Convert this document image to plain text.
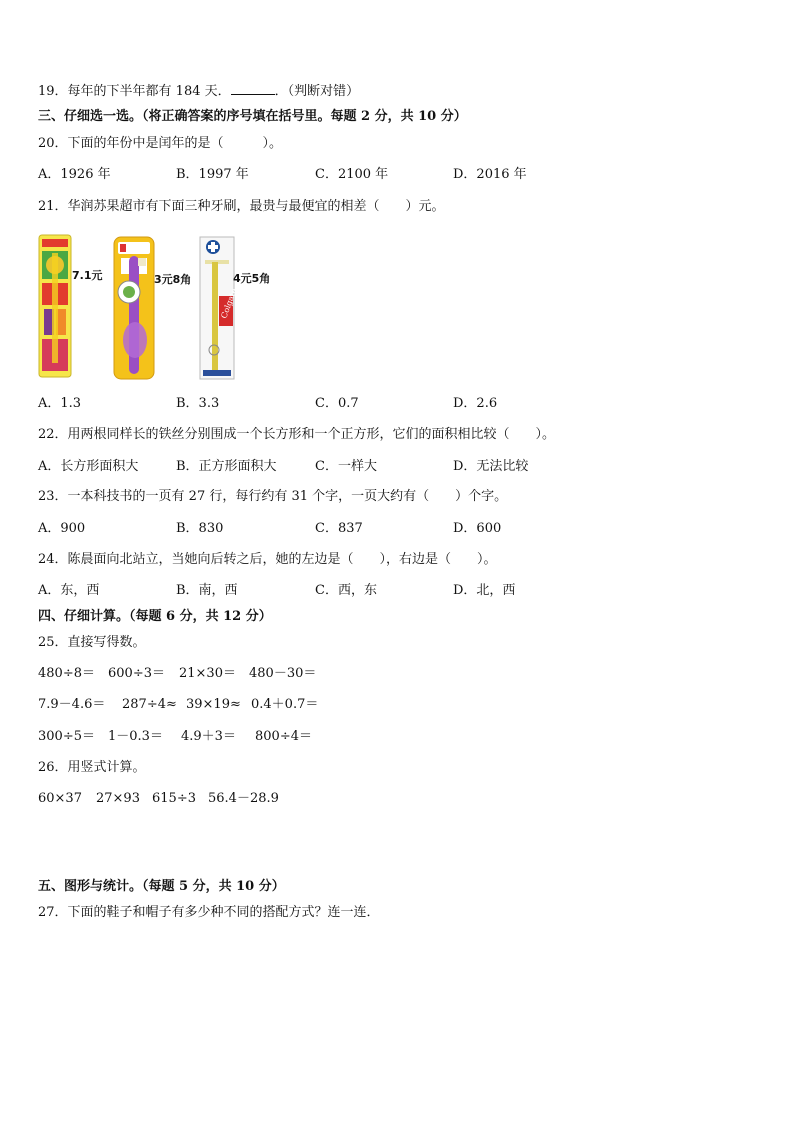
19．每年的下半年都有 184 天．	．（判断对错）
三、仔细选一选。（将正确答案的序号填在括号里。每题 2 分，共 10 分）
20．下面的年份中是闰年的是（　　　）。
A．1926 年	B．1997 年	C．2100 年	D．2016 年
21．华润苏果超市有下面三种牙刷，最贵与最便宜的相差（　　）元。
7.1元	3元8角
Colgate
4元5角
A．1.3	B．3.3	C．0.7	D．2.6
22．用两根同样长的铁丝分别围成一个长方形和一个正方形，它们的面积相比较（　　）。
A．长方形面积大	B．正方形面积大	C．一样大	D．无法比较
23．一本科技书的一页有 27 行，每行约有 31 个字，一页大约有（　　）个字。
A．900	B．830	C．837	D．600
24．陈晨面向北站立，当她向后转之后，她的左边是（　　），右边是（　　）。
A．东，西	B．南，西	C．西，东	D．北，西
四、仔细计算。（每题 6 分，共 12 分）
25．直接写得数。
480÷8＝ 600÷3＝ 21×30＝ 480－30＝
7.9－4.6＝ 287÷4≈ 39×19≈ 0.4＋0.7＝
300÷5＝ 1－0.3＝ 4.9＋3＝ 800÷4＝
26．用竖式计算。
60×37 27×93 615÷3 56.4－28.9
五、图形与统计。（每题 5 分，共 10 分）
27．下面的鞋子和帽子有多少种不同的搭配方式？连一连．
